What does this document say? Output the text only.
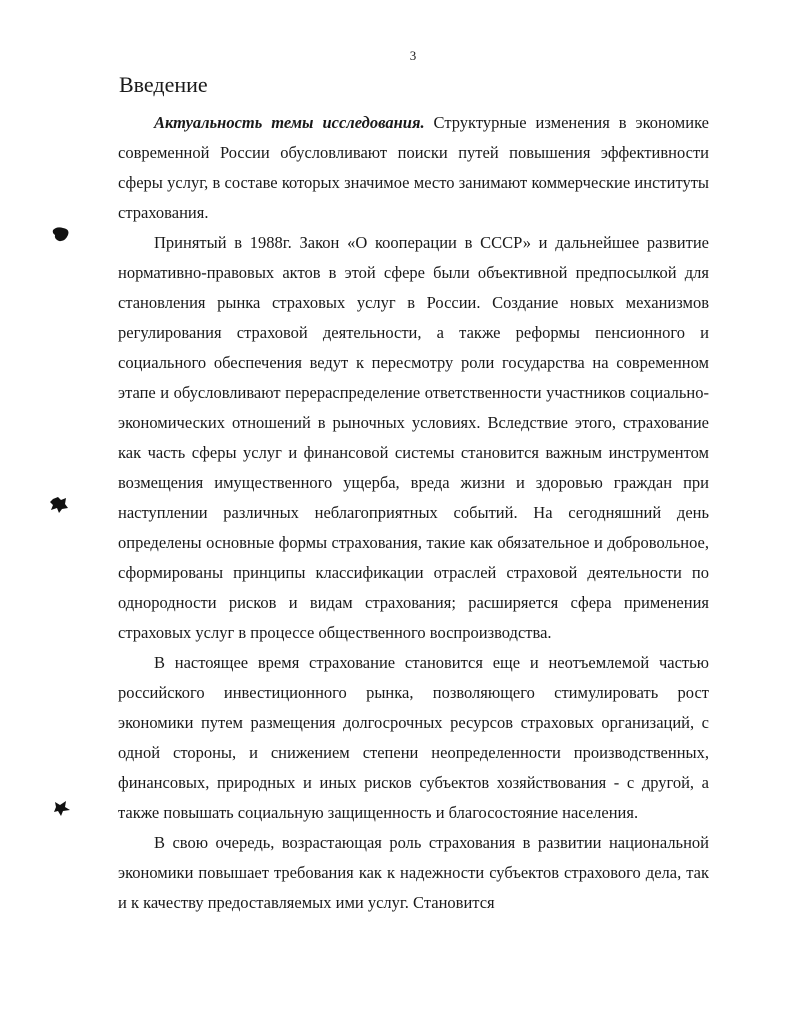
3
Введение

Актуальность темы исследования. Структурные изменения в экономике современной России обусловливают поиски путей повышения эффективности сферы услуг, в составе которых значимое место занимают коммерческие институты страхования.

Принятый в 1988г. Закон «О кооперации в СССР» и дальнейшее развитие нормативно-правовых актов в этой сфере были объективной предпосылкой для становления рынка страховых услуг в России. Создание новых механизмов регулирования страховой деятельности, а также реформы пенсионного и социального обеспечения ведут к пересмотру роли государства на современном этапе и обусловливают перераспределение ответственности участников социально-экономических отношений в рыночных условиях. Вследствие этого, страхование как часть сферы услуг и финансовой системы становится важным инструментом возмещения имущественного ущерба, вреда жизни и здоровью граждан при наступлении различных неблагоприятных событий. На сегодняшний день определены основные формы страхования, такие как обязательное и добровольное, сформированы принципы классификации отраслей страховой деятельности по однородности рисков и видам страхования; расширяется сфера применения страховых услуг в процессе общественного воспроизводства.

В настоящее время страхование становится еще и неотъемлемой частью российского инвестиционного рынка, позволяющего стимулировать рост экономики путем размещения долгосрочных ресурсов страховых организаций, с одной стороны, и снижением степени неопределенности производственных, финансовых, природных и иных рисков субъектов хозяйствования - с другой, а также повышать социальную защищенность и благосостояние населения.

В свою очередь, возрастающая роль страхования в развитии национальной экономики повышает требования как к надежности субъектов страхового дела, так и к качеству предоставляемых ими услуг. Становится
